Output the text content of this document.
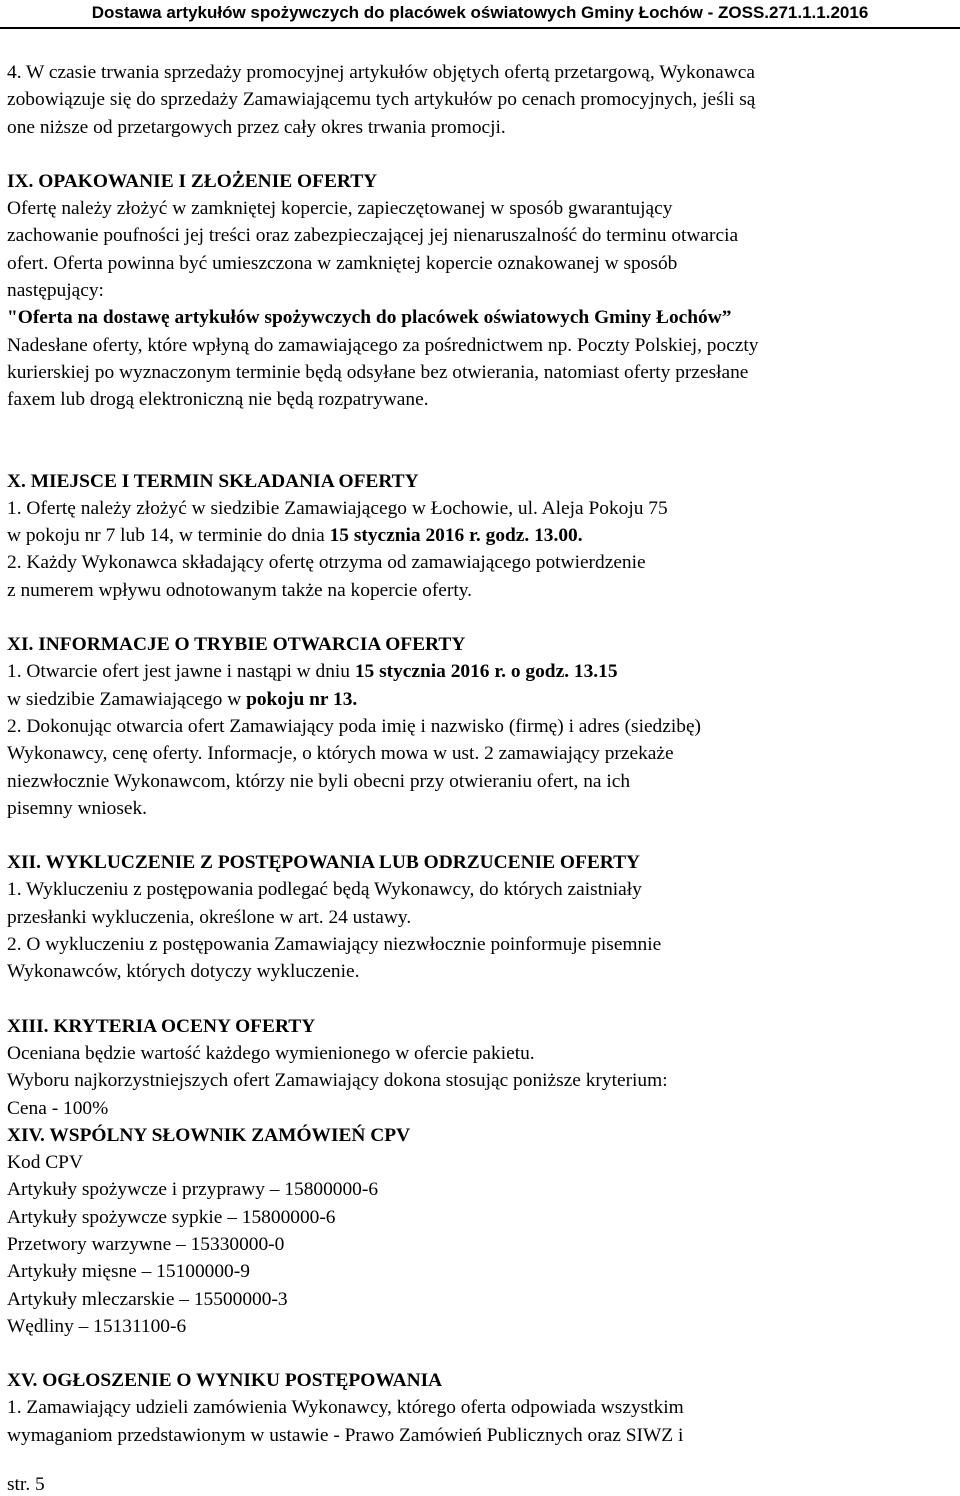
Dostawa artykułów spożywczych do placówek oświatowych Gminy Łochów - ZOSS.271.1.1.2016

4. W czasie trwania sprzedaży promocyjnej artykułów objętych ofertą przetargową, Wykonawca

zobowiązuje się do sprzedaży Zamawiającemu tych artykułów po cenach promocyjnych, jeśli są

one niższe od przetargowych przez cały okres trwania promocji.

IX. OPAKOWANIE I ZŁOŻENIE OFERTY

Ofertę należy złożyć w zamkniętej kopercie, zapieczętowanej w sposób gwarantujący

zachowanie poufności jej treści oraz zabezpieczającej jej nienaruszalność do terminu otwarcia

ofert. Oferta powinna być umieszczona w zamkniętej kopercie oznakowanej w sposób

następujący:

"Oferta na dostawę artykułów spożywczych do placówek oświatowych Gminy Łochów”

Nadesłane oferty, które wpłyną do zamawiającego za pośrednictwem np. Poczty Polskiej, poczty

kurierskiej po wyznaczonym terminie będą odsyłane bez otwierania, natomiast oferty przesłane

faxem lub drogą elektroniczną nie będą rozpatrywane.

X. MIEJSCE I TERMIN SKŁADANIA OFERTY

1. Ofertę należy złożyć w siedzibie Zamawiającego w Łochowie, ul. Aleja Pokoju 75

w pokoju nr 7 lub 14, w terminie do dnia 15 stycznia 2016 r. godz. 13.00.

2. Każdy Wykonawca składający ofertę otrzyma od zamawiającego potwierdzenie

z numerem wpływu odnotowanym także na kopercie oferty.

XI. INFORMACJE O TRYBIE OTWARCIA OFERTY

1. Otwarcie ofert jest jawne i nastąpi w dniu 15 stycznia 2016 r. o godz. 13.15

w siedzibie Zamawiającego w pokoju nr 13.

2. Dokonując otwarcia ofert Zamawiający poda imię i nazwisko (firmę) i adres (siedzibę)

Wykonawcy, cenę oferty. Informacje, o których mowa w ust. 2 zamawiający przekaże

niezwłocznie Wykonawcom, którzy nie byli obecni przy otwieraniu ofert, na ich

pisemny wniosek.

XII. WYKLUCZENIE Z POSTĘPOWANIA LUB ODRZUCENIE OFERTY

1. Wykluczeniu z postępowania podlegać będą Wykonawcy, do których zaistniały

przesłanki wykluczenia, określone w art. 24 ustawy.

2. O wykluczeniu z postępowania Zamawiający niezwłocznie poinformuje pisemnie

Wykonawców, których dotyczy wykluczenie.

XIII. KRYTERIA OCENY OFERTY

Oceniana będzie wartość każdego wymienionego w ofercie pakietu.

Wyboru najkorzystniejszych ofert Zamawiający dokona stosując poniższe kryterium:

Cena - 100%

XIV. WSPÓLNY SŁOWNIK ZAMÓWIEŃ CPV

Kod CPV

Artykuły spożywcze i przyprawy – 15800000-6

Artykuły spożywcze sypkie – 15800000-6

Przetwory warzywne – 15330000-0

Artykuły mięsne – 15100000-9

Artykuły mleczarskie – 15500000-3

Wędliny – 15131100-6

XV. OGŁOSZENIE O WYNIKU POSTĘPOWANIA

1. Zamawiający udzieli zamówienia Wykonawcy, którego oferta odpowiada wszystkim

wymaganiom przedstawionym w ustawie - Prawo Zamówień Publicznych oraz SIWZ i

str. 5
